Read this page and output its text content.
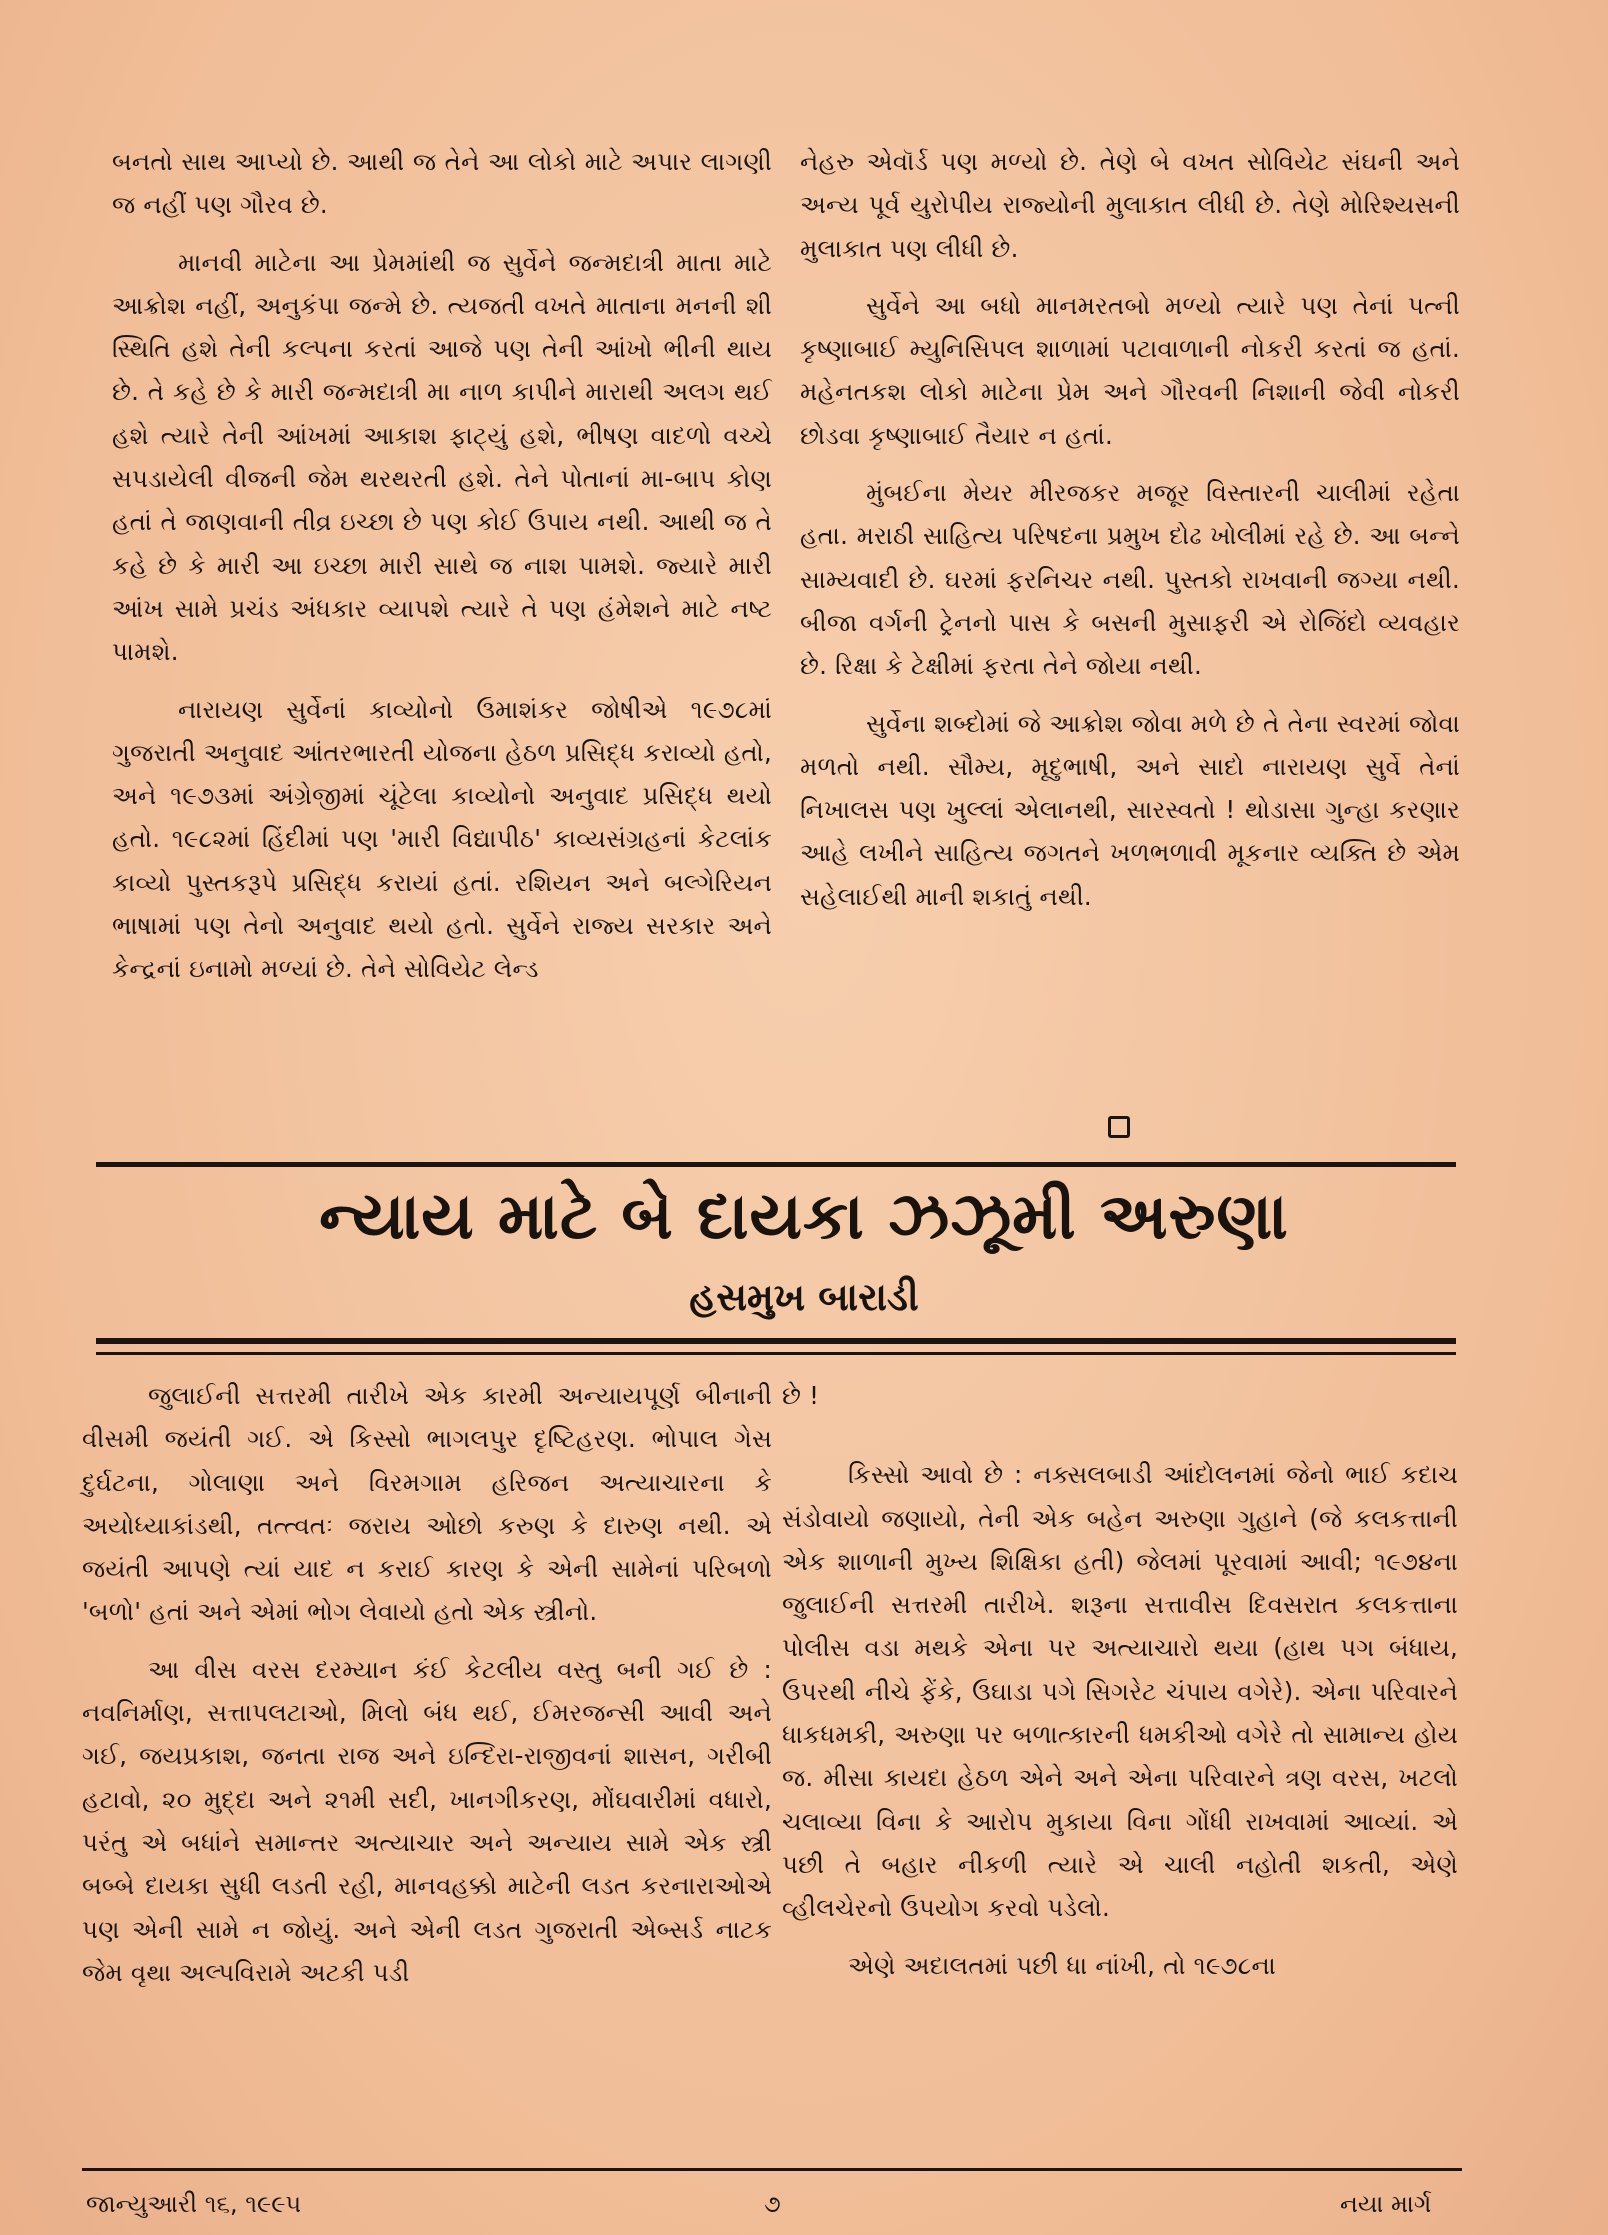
બનતો સાથ આપ્યો છે. આથી જ તેને આ લોકો માટે અપાર લાગણી જ નહીં પણ ગૌરવ છે.

માનવી માટેના આ પ્રેમમાંથી જ સુર્વેને જન્મદાત્રી માતા માટે આક્રોશ નહીં, અનુકંપા જન્મે છે. ત્યજતી વખતે માતાના મનની શી સ્થિતિ હશે તેની કલ્પના કરતાં આજે પણ તેની આંખો ભીની થાય છે. તે કહે છે કે મારી જન્મદાત્રી મા નાળ કાપીને મારાથી અલગ થઈ હશે ત્યારે તેની આંખમાં આકાશ ફાટ્યું હશે, ભીષણ વાદળો વચ્ચે સપડાયેલી વીજની જેમ થરથરતી હશે. તેને પોતાનાં મા-બાપ કોણ હતાં તે જાણવાની તીવ્ર ઇચ્છા છે પણ કોઈ ઉપાય નથી. આથી જ તે કહે છે કે મારી આ ઇચ્છા મારી સાથે જ નાશ પામશે. જ્યારે મારી આંખ સામે પ્રચંડ અંધકાર વ્યાપશે ત્યારે તે પણ હંમેશને માટે નષ્ટ પામશે.

નારાયણ સુર્વેનાં કાવ્યોનો ઉમાશંકર જોષીએ ૧૯૭૮માં ગુજરાતી અનુવાદ આંતરભારતી યોજના હેઠળ પ્રસિદ્ધ કરાવ્યો હતો, અને ૧૯૭૩માં અંગ્રેજીમાં ચૂંટેલા કાવ્યોનો અનુવાદ પ્રસિદ્ધ થયો હતો. ૧૯૮૨માં હિંદીમાં પણ 'મારી વિદ્યાપીઠ' કાવ્યસંગ્રહનાં કેટલાંક કાવ્યો પુસ્તકરૂપે પ્રસિદ્ધ કરાયાં હતાં. રશિયન અને બલ્ગેરિયન ભાષામાં પણ તેનો અનુવાદ થયો હતો. સુર્વેને રાજ્ય સરકાર અને કેન્દ્રનાં ઇનામો મળ્યાં છે. તેને સોવિયેટ લેન્ડ

નેહરુ એવૉર્ડ પણ મળ્યો છે. તેણે બે વખત સોવિયેટ સંઘની અને અન્ય પૂર્વ યુરોપીય રાજ્યોની મુલાકાત લીધી છે. તેણે મોરિશ્યસની મુલાકાત પણ લીધી છે.

સુર્વેને આ બધો માનમરતબો મળ્યો ત્યારે પણ તેનાં પત્ની કૃષ્ણાબાઈ મ્યુનિસિપલ શાળામાં પટાવાળાની નોકરી કરતાં જ હતાં. મહેનતકશ લોકો માટેના પ્રેમ અને ગૌરવની નિશાની જેવી નોકરી છોડવા કૃષ્ણાબાઈ તૈયાર ન હતાં.

મુંબઈના મેયર મીરજકર મજૂર વિસ્તારની ચાલીમાં રહેતા હતા. મરાઠી સાહિત્ય પરિષદના પ્રમુખ દોઢ ખોલીમાં રહે છે. આ બન્ને સામ્યવાદી છે. ઘરમાં ફરનિચર નથી. પુસ્તકો રાખવાની જગ્યા નથી. બીજા વર્ગની ટ્રેનનો પાસ કે બસની મુસાફરી એ રોજિંદો વ્યવહાર છે. રિક્ષા કે ટેક્ષીમાં ફરતા તેને જોયા નથી.

સુર્વેના શબ્દોમાં જે આક્રોશ જોવા મળે છે તે તેના સ્વરમાં જોવા મળતો નથી. સૌમ્ય, મૃદુભાષી, અને સાદો નારાયણ સુર્વે તેનાં નિખાલસ પણ ખુલ્લાં એલાનથી, સારસ્વતો ! થોડાસા ગુન્હા કરણાર આહે લખીને સાહિત્ય જગતને ખળભળાવી મૂકનાર વ્યક્તિ છે એમ સહેલાઈથી માની શકાતું નથી.

ન્યાય માટે બે દાયકા ઝઝૂમી અરુણા
હસમુખ બારાડી

જુલાઈની સત્તરમી તારીખે એક કારમી અન્યાયપૂર્ણ બીનાની વીસમી જયંતી ગઈ. એ કિસ્સો ભાગલપુર દૃષ્ટિહરણ. ભોપાલ ગેસ દુર્ઘટના, ગોલાણા અને વિરમગામ હરિજન અત્યાચારના કે અયોધ્યાકાંડથી, તત્ત્વતઃ જરાય ઓછો કરુણ કે દારુણ નથી. એ જયંતી આપણે ત્યાં યાદ ન કરાઈ કારણ કે એની સામેનાં પરિબળો 'બળો' હતાં અને એમાં ભોગ લેવાયો હતો એક સ્ત્રીનો.

આ વીસ વરસ દરમ્યાન કંઈ કેટલીય વસ્તુ બની ગઈ છે : નવનિર્માણ, સત્તાપલટાઓ, મિલો બંધ થઈ, ઈમરજન્સી આવી અને ગઈ, જયપ્રકાશ, જનતા રાજ અને ઇન્દિરા-રાજીવનાં શાસન, ગરીબી હટાવો, ૨૦ મુદ્દા અને ૨૧મી સદી, ખાનગીકરણ, મોંઘવારીમાં વધારો, પરંતુ એ બધાંને સમાન્તર અત્યાચાર અને અન્યાય સામે એક સ્ત્રી બબ્બે દાયકા સુધી લડતી રહી, માનવહક્કો માટેની લડત કરનારાઓએ પણ એની સામે ન જોયું. અને એની લડત ગુજરાતી એબ્સર્ડ નાટક જેમ વૃથા અલ્પવિરામે અટકી પડી

છે !

કિસ્સો આવો છે : નક્સલબાડી આંદોલનમાં જેનો ભાઈ કદાચ સંડોવાયો જણાયો, તેની એક બહેન અરુણા ગુહાને (જે કલકત્તાની એક શાળાની મુખ્ય શિક્ષિકા હતી) જેલમાં પૂરવામાં આવી; ૧૯૭૪ના જુલાઈની સત્તરમી તારીખે. શરૂના સત્તાવીસ દિવસરાત કલકત્તાના પોલીસ વડા મથકે એના પર અત્યાચારો થયા (હાથ પગ બંધાય, ઉપરથી નીચે ફેંકે, ઉઘાડા પગે સિગરેટ ચંપાય વગેરે). એના પરિવારને ધાકધમકી, અરુણા પર બળાત્કારની ધમકીઓ વગેરે તો સામાન્ય હોય જ. મીસા કાયદા હેઠળ એને અને એના પરિવારને ત્રણ વરસ, ખટલો ચલાવ્યા વિના કે આરોપ મુકાયા વિના ગોંધી રાખવામાં આવ્યાં. એ પછી તે બહાર નીકળી ત્યારે એ ચાલી નહોતી શકતી, એણે વ્હીલચેરનો ઉપયોગ કરવો પડેલો.

એણે અદાલતમાં પછી ધા નાંખી, તો ૧૯૭૮ના

જાન્યુઆરી ૧૬, ૧૯૯૫	૭	નયા માર્ગ
